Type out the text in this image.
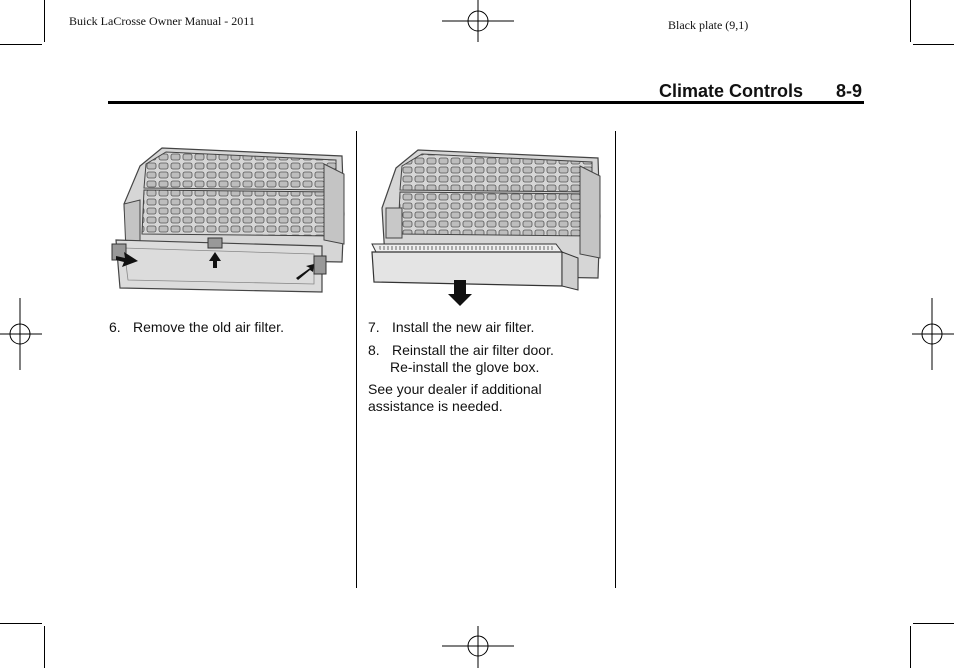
Buick LaCrosse Owner Manual - 2011	Black plate (9,1)
Climate Controls 8-9
6. Remove the old air filter.	7. Install the new air filter.
8. Reinstall the air filter door.
Re-install the glove box.
See your dealer if additional
assistance is needed.
